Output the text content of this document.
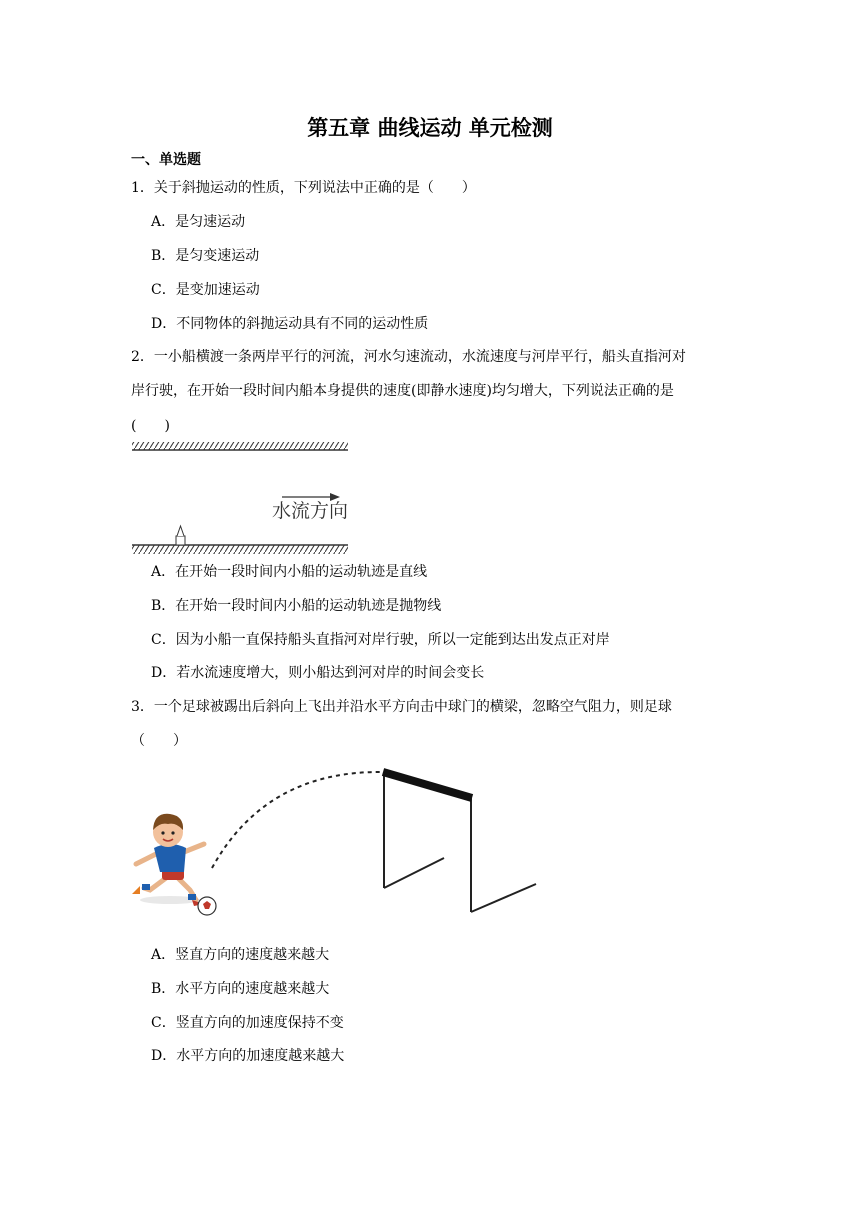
第五章 曲线运动 单元检测
一、单选题
1．关于斜抛运动的性质，下列说法中正确的是（　　）
A．是匀速运动
B．是匀变速运动
C．是变加速运动
D．不同物体的斜抛运动具有不同的运动性质
2．一小船横渡一条两岸平行的河流，河水匀速流动，水流速度与河岸平行，船头直指河对
岸行驶，在开始一段时间内船本身提供的速度(即静水速度)均匀增大，下列说法正确的是
(　　)
水流方向
A．在开始一段时间内小船的运动轨迹是直线
B．在开始一段时间内小船的运动轨迹是抛物线
C．因为小船一直保持船头直指河对岸行驶，所以一定能到达出发点正对岸
D．若水流速度增大，则小船达到河对岸的时间会变长
3．一个足球被踢出后斜向上飞出并沿水平方向击中球门的横梁，忽略空气阻力，则足球
（　　）
A．竖直方向的速度越来越大
B．水平方向的速度越来越大
C．竖直方向的加速度保持不变
D．水平方向的加速度越来越大
